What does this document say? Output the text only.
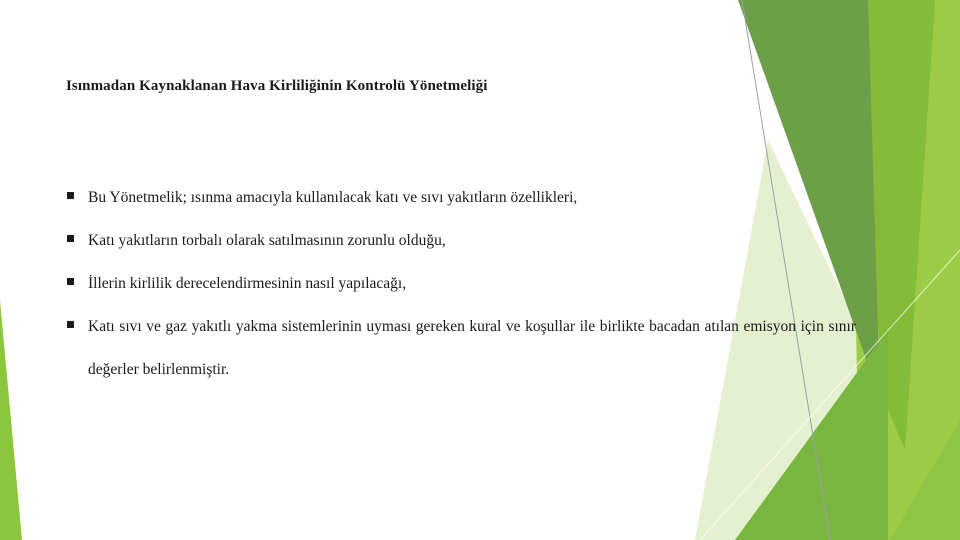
Isınmadan Kaynaklanan Hava Kirliliğinin Kontrolü Yönetmeliği
Bu Yönetmelik; ısınma amacıyla kullanılacak katı ve sıvı yakıtların özellikleri,
Katı yakıtların torbalı olarak satılmasının zorunlu olduğu,
İllerin kirlilik derecelendirmesinin nasıl yapılacağı,
Katı sıvı ve gaz yakıtlı yakma sistemlerinin uyması gereken kural ve koşullar ile birlikte bacadan atılan emisyon için sınır değerler belirlenmiştir.
